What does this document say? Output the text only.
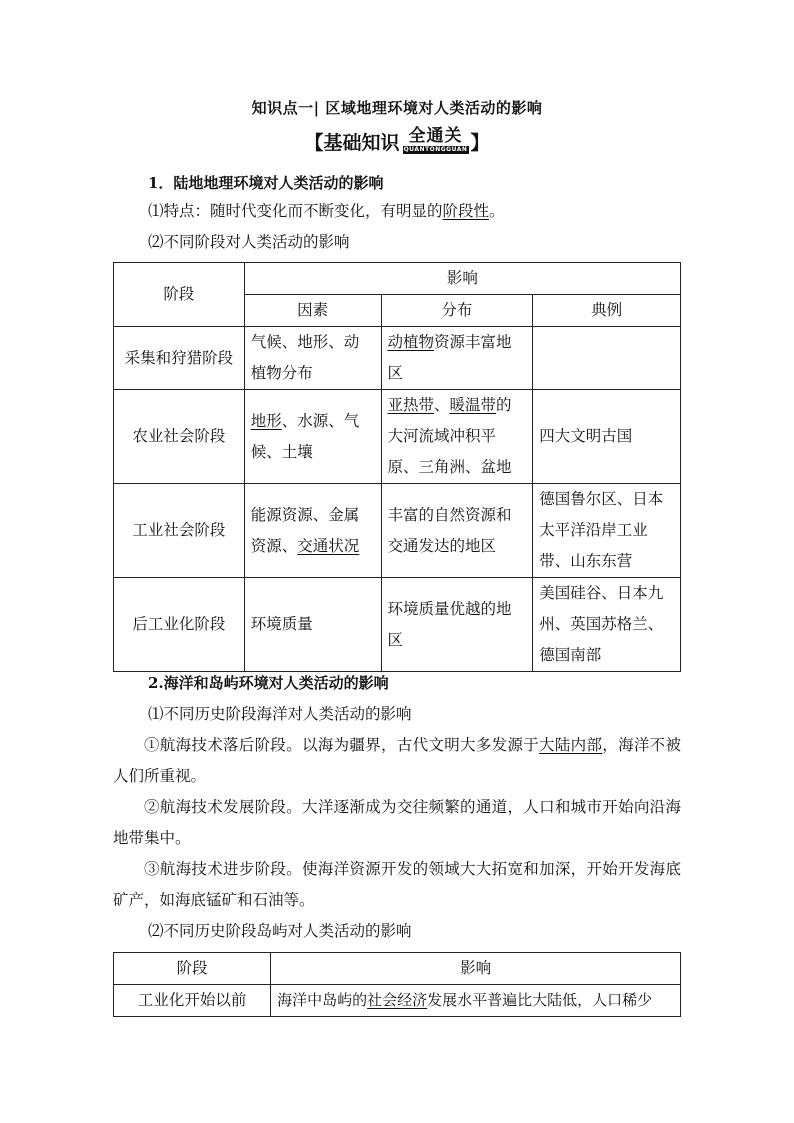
知识点一| 区域地理环境对人类活动的影响
【基础知识 全通关
QUANTONGGUAN 】
1．陆地地理环境对人类活动的影响
⑴特点：随时代变化而不断变化，有明显的阶段性。
⑵不同阶段对人类活动的影响
阶段	影响		
	因素	分布	典例
采集和狩猎阶段	气候、地形、动植物分布	动植物资源丰富地区	
农业社会阶段	地形、水源、气候、土壤	亚热带、暖温带的大河流域冲积平原、三角洲、盆地	四大文明古国
工业社会阶段	能源资源、金属资源、交通状况	丰富的自然资源和交通发达的地区	德国鲁尔区、日本太平洋沿岸工业带、山东东营
后工业化阶段	环境质量	环境质量优越的地区	美国硅谷、日本九州、英国苏格兰、德国南部
2.海洋和岛屿环境对人类活动的影响
⑴不同历史阶段海洋对人类活动的影响
①航海技术落后阶段。以海为疆界，古代文明大多发源于大陆内部，海洋不被人们所重视。
②航海技术发展阶段。大洋逐渐成为交往频繁的通道，人口和城市开始向沿海地带集中。
③航海技术进步阶段。使海洋资源开发的领域大大拓宽和加深，开始开发海底矿产，如海底锰矿和石油等。
⑵不同历史阶段岛屿对人类活动的影响
阶段	影响
工业化开始以前	海洋中岛屿的社会经济发展水平普遍比大陆低，人口稀少
